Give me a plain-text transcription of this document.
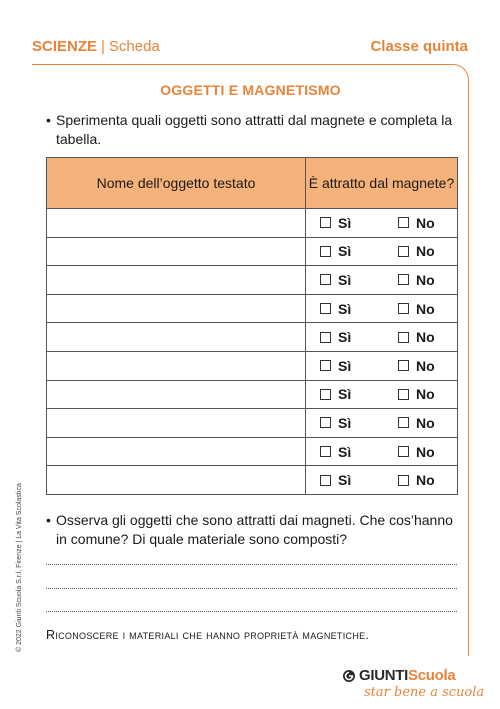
SCIENZE | Scheda	Classe quinta
OGGETTI E MAGNETISMO
• Sperimenta quali oggetti sono attratti dal magnete e completa la tabella.
Nome dell’oggetto testato	È attratto dal magnete?

	Sì No

	Sì No

	Sì No

	Sì No

	Sì No

	Sì No

	Sì No

	Sì No

	Sì No

	Sì No
• Osserva gli oggetti che sono attratti dai magneti. Che cos’hanno in comune? Di quale materiale sono composti?
Riconoscere i materiali che hanno proprietà magnetiche.
© 2022 Giunti Scuola S.r.l, Firenze | La Vita Scolastica
GIUNTIScuola
star bene a scuola
